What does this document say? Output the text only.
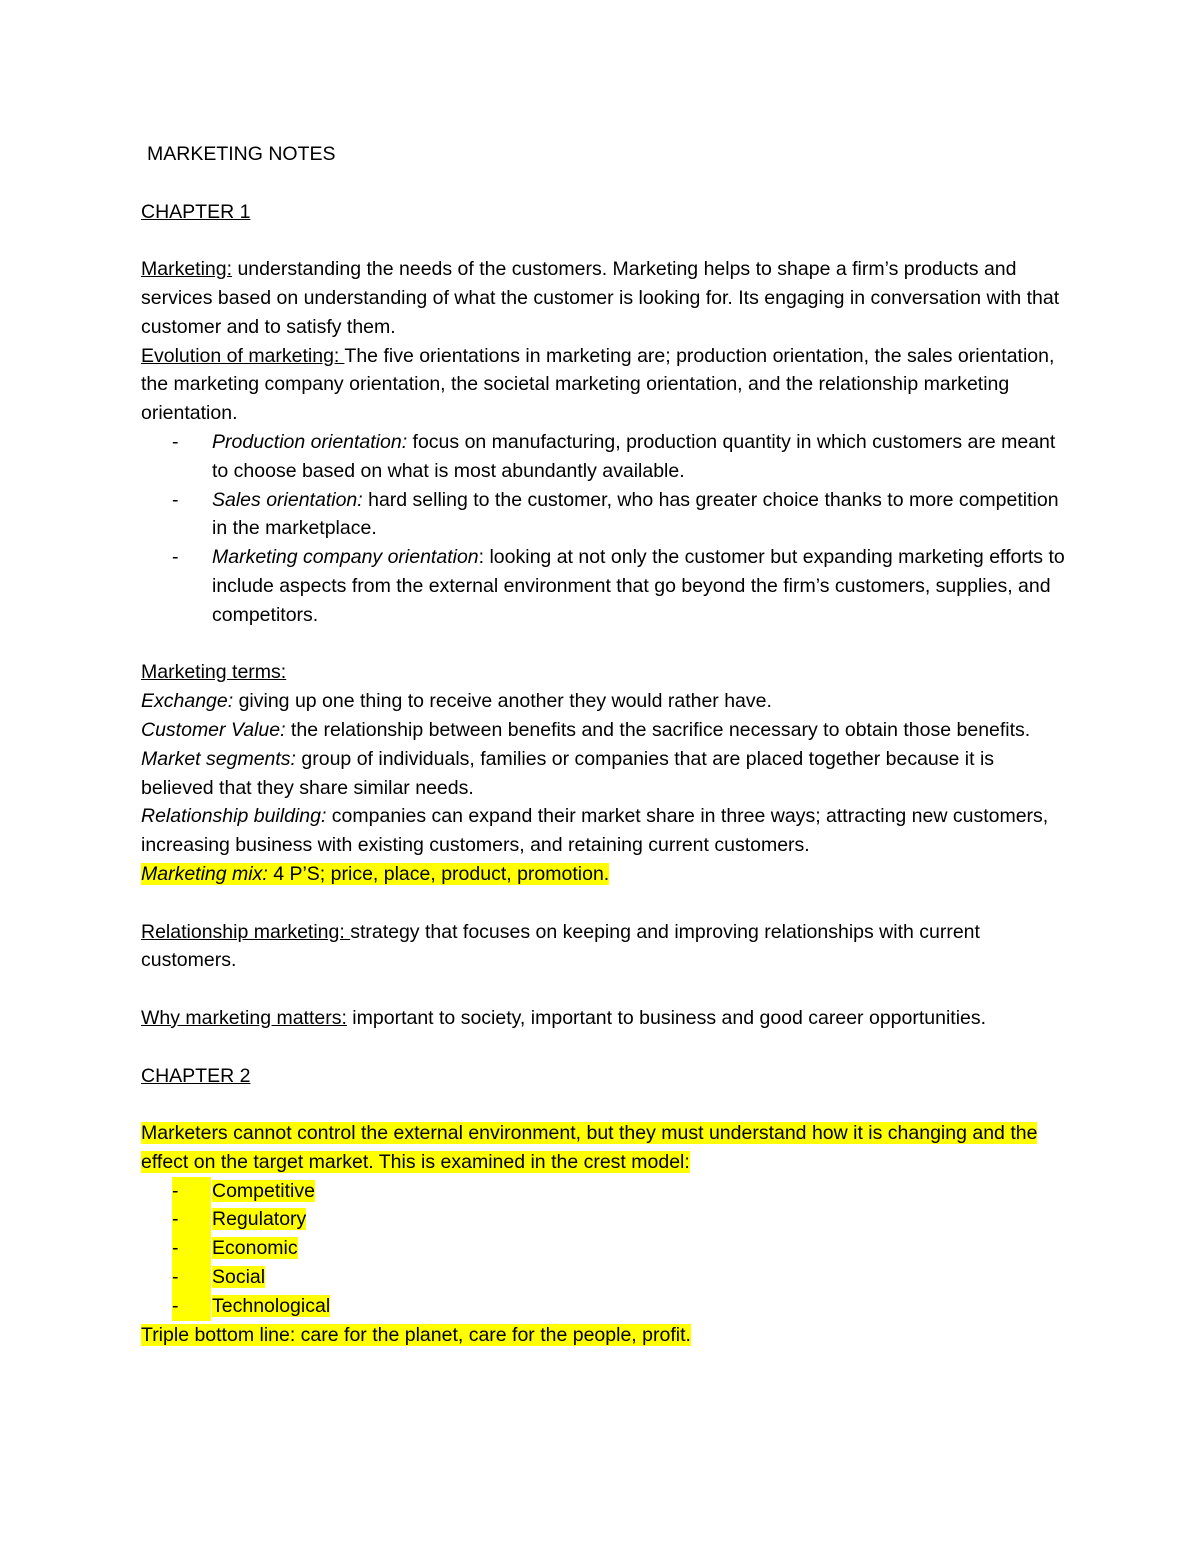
MARKETING NOTES

CHAPTER 1

Marketing: understanding the needs of the customers. Marketing helps to shape a firm’s products and services based on understanding of what the customer is looking for. Its engaging in conversation with that customer and to satisfy them.

Evolution of marketing: The five orientations in marketing are; production orientation, the sales orientation, the marketing company orientation, the societal marketing orientation, and the relationship marketing orientation.

- Production orientation: focus on manufacturing, production quantity in which customers are meant to choose based on what is most abundantly available.
- Sales orientation: hard selling to the customer, who has greater choice thanks to more competition in the marketplace.
- Marketing company orientation: looking at not only the customer but expanding marketing efforts to include aspects from the external environment that go beyond the firm’s customers, supplies, and competitors.

Marketing terms:

Exchange: giving up one thing to receive another they would rather have.

Customer Value: the relationship between benefits and the sacrifice necessary to obtain those benefits.

Market segments: group of individuals, families or companies that are placed together because it is believed that they share similar needs.

Relationship building: companies can expand their market share in three ways; attracting new customers, increasing business with existing customers, and retaining current customers.

Marketing mix: 4 P’S; price, place, product, promotion.

Relationship marketing: strategy that focuses on keeping and improving relationships with current customers.

Why marketing matters: important to society, important to business and good career opportunities.

CHAPTER 2

Marketers cannot control the external environment, but they must understand how it is changing and the effect on the target market. This is examined in the crest model:

-	Competitive
-	Regulatory
-	Economic
-	Social
-	Technological

Triple bottom line: care for the planet, care for the people, profit.
